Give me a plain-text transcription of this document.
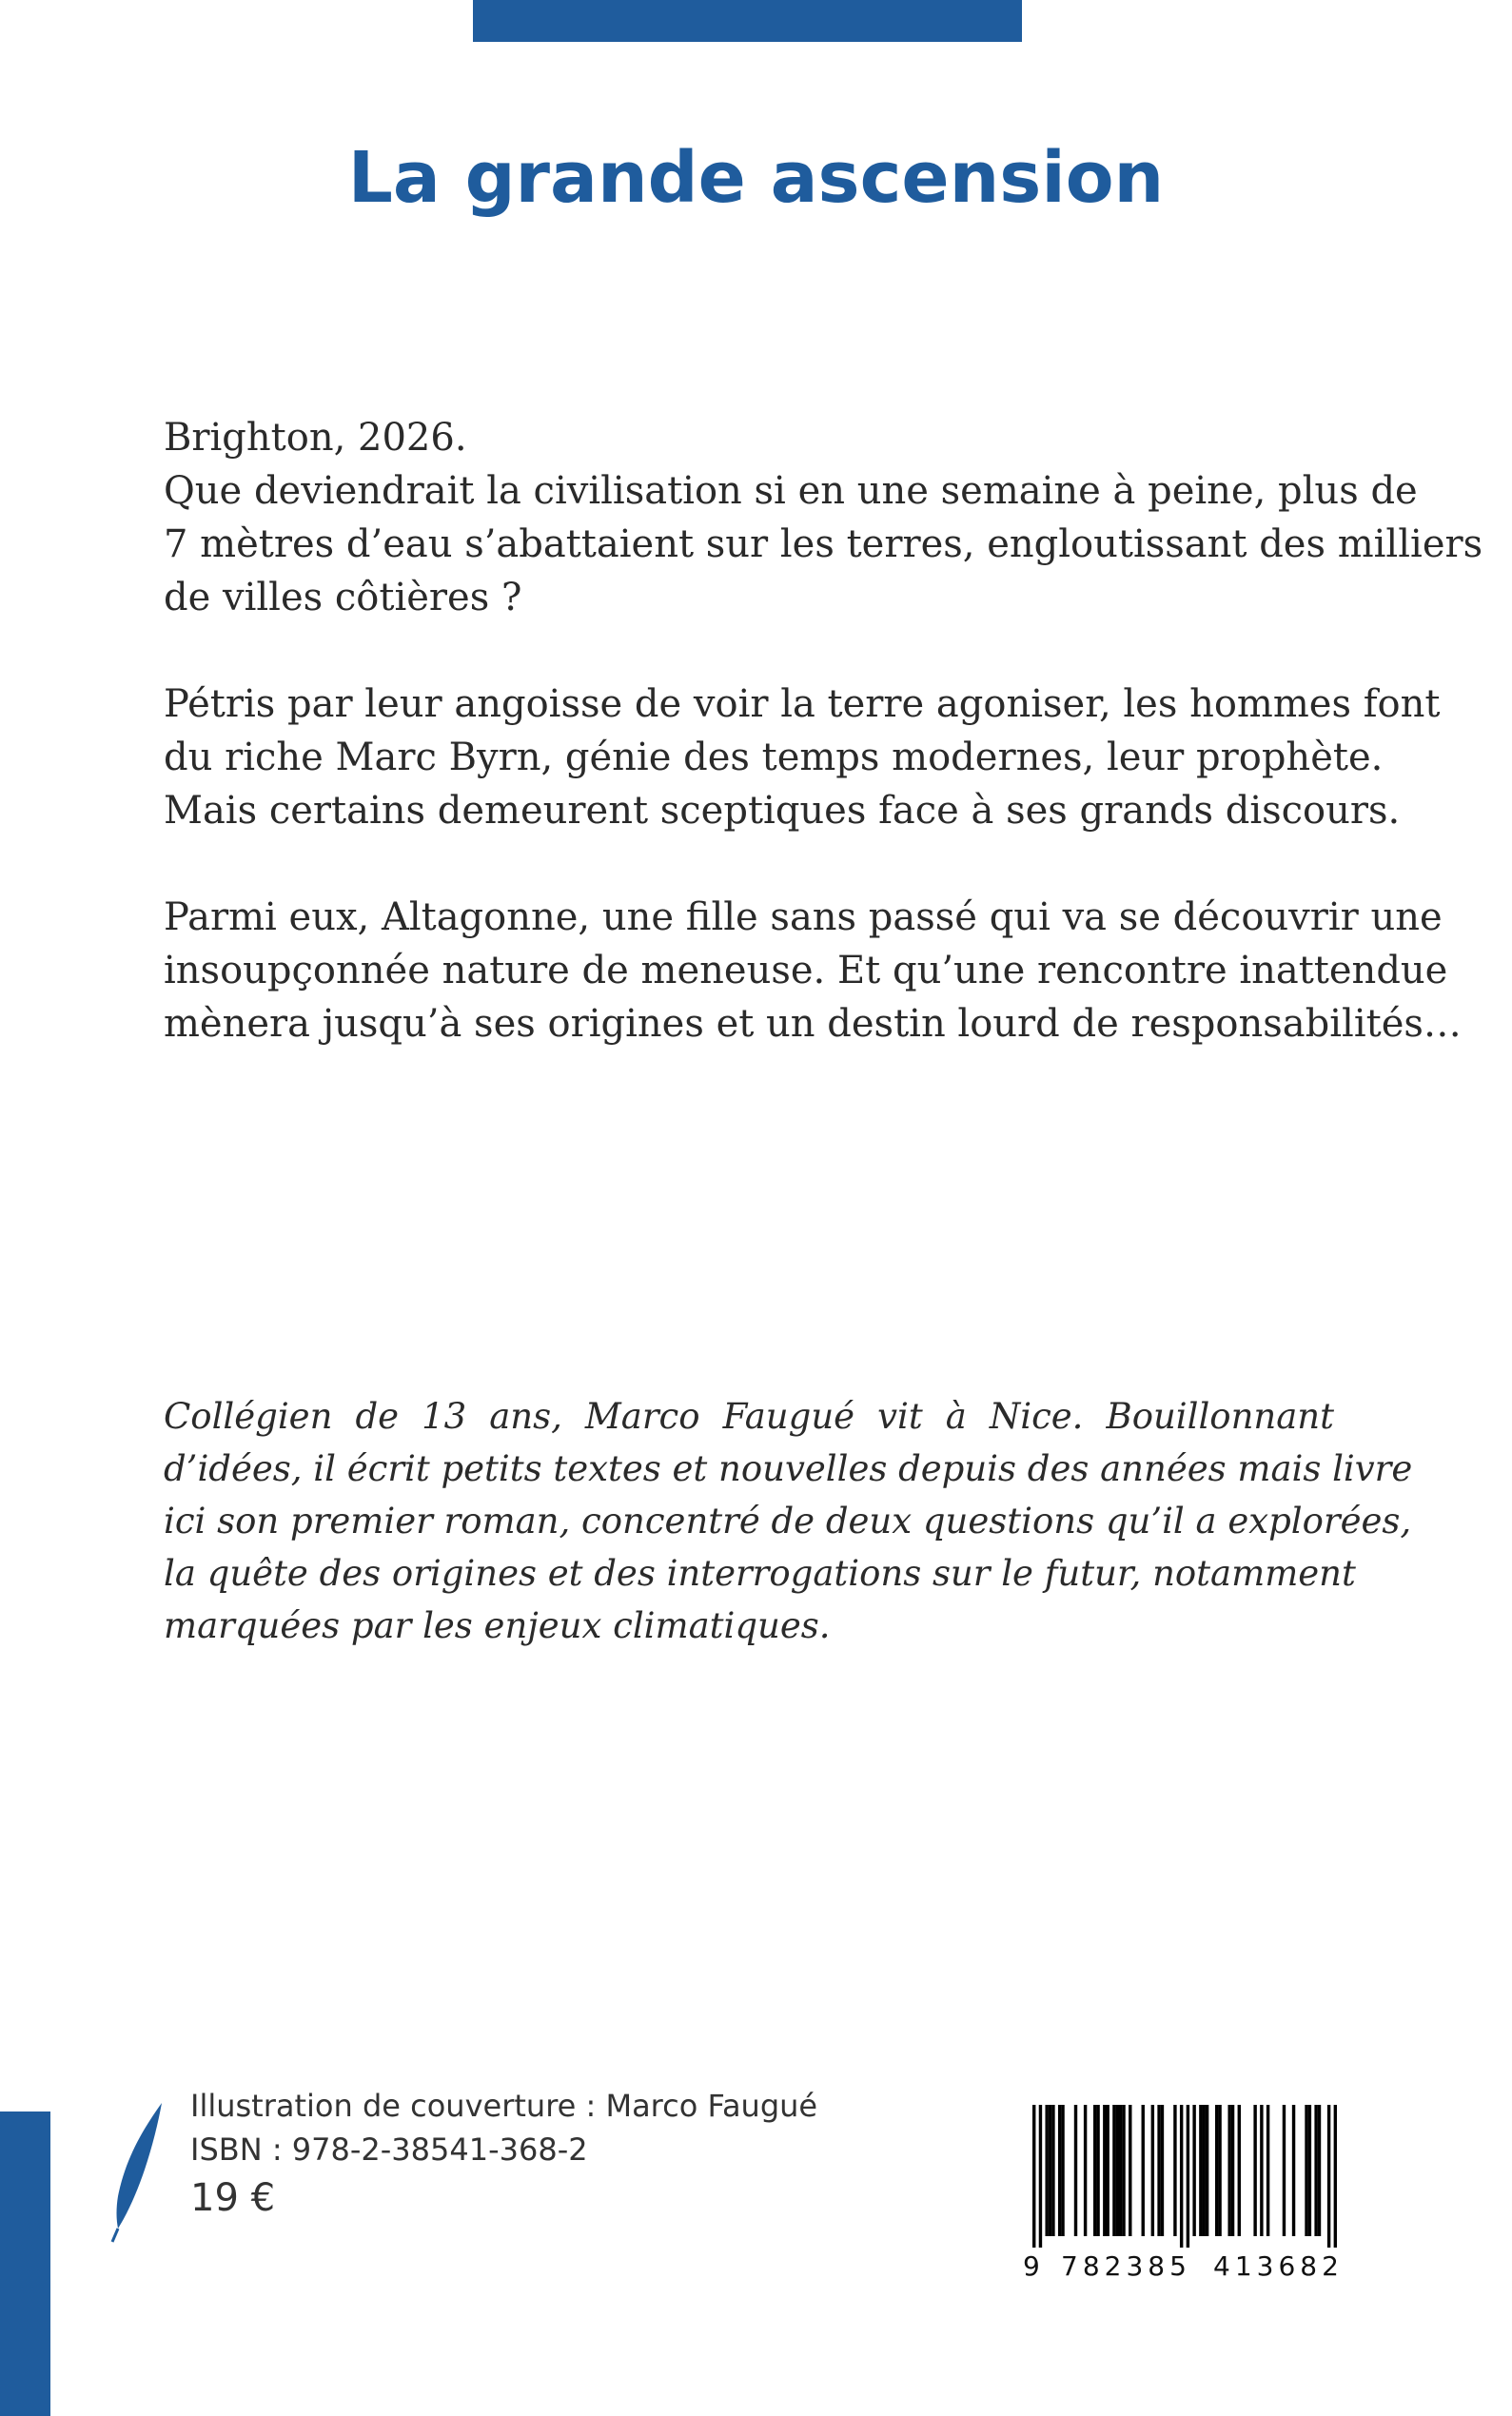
La grande ascension

Brighton, 2026.
Que deviendrait la civilisation si en une semaine à peine, plus de
7 mètres d’eau s’abattaient sur les terres, engloutissant des milliers
de villes côtières ?

Pétris par leur angoisse de voir la terre agoniser, les hommes font
du riche Marc Byrn, génie des temps modernes, leur prophète.
Mais certains demeurent sceptiques face à ses grands discours.

Parmi eux, Altagonne, une fille sans passé qui va se découvrir une
insoupçonnée nature de meneuse. Et qu’une rencontre inattendue
mènera jusqu’à ses origines et un destin lourd de responsabilités…

Collégien de 13 ans, Marco Faugué vit à Nice. Bouillonnant
d’idées, il écrit petits textes et nouvelles depuis des années mais livre
ici son premier roman, concentré de deux questions qu’il a explorées,
la quête des origines et des interrogations sur le futur, notamment
marquées par les enjeux climatiques.
Illustration de couverture : Marco Faugué
ISBN : 978-2-38541-368-2
19 €
9 782385 413682
